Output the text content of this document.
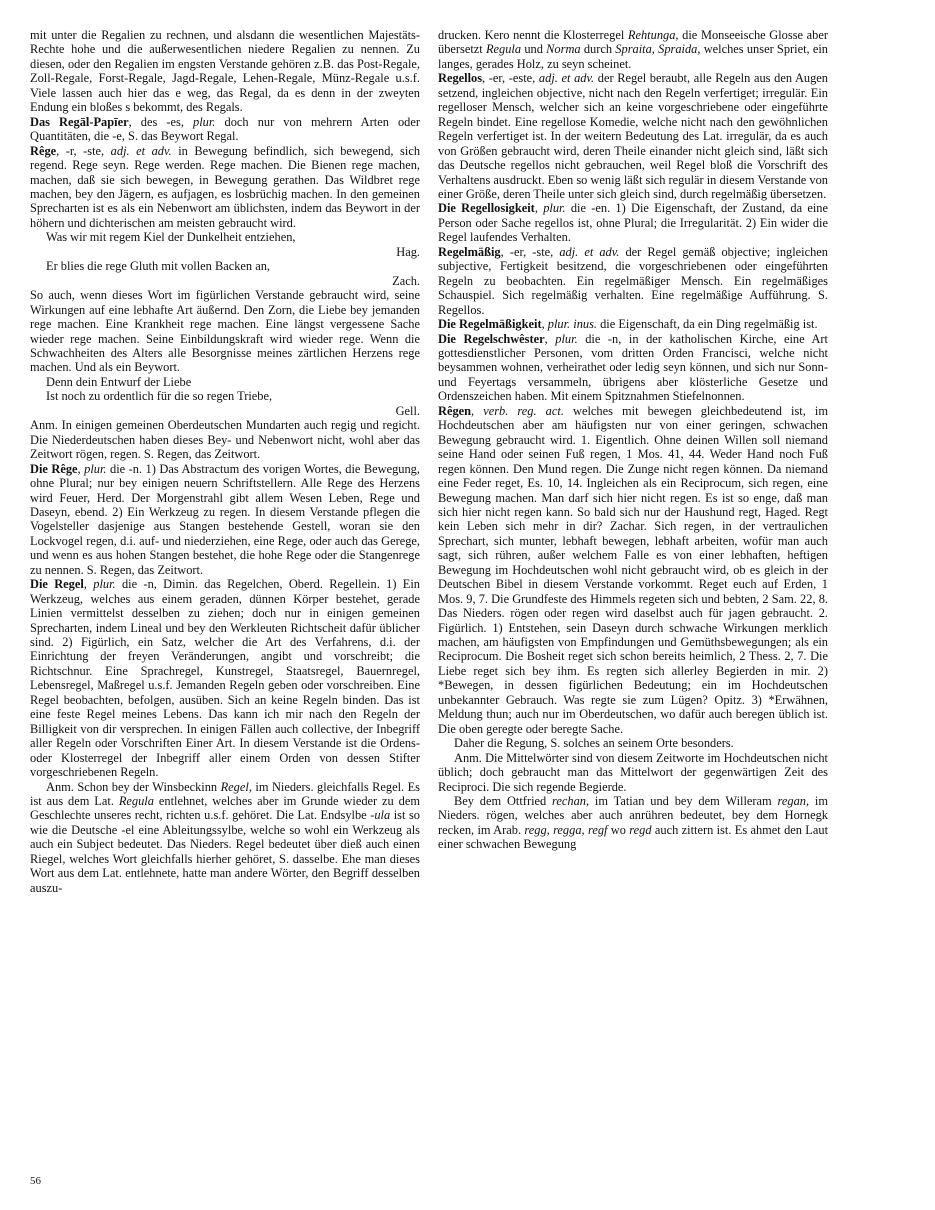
mit unter die Regalien zu rechnen, und alsdann die wesentlichen Majestäts-Rechte hohe und die außerwesentlichen niedere Regalien zu nennen. Zu diesen, oder den Regalien im engsten Verstande gehören z.B. das Post-Regale, Zoll-Regale, Forst-Regale, Jagd-Regale, Lehen-Regale, Münz-Regale u.s.f. Viele lassen auch hier das e weg, das Regal, da es denn in der zweyten Endung ein bloßes s bekommt, des Regals.

Das Regāl-Papīer, des -es, plur. doch nur von mehrern Arten oder Quantitäten, die -e, S. das Beywort Regal.

Rêge, -r, -ste, adj. et adv. in Bewegung befindlich, sich bewegend, sich regend. Rege seyn. Rege werden. Rege machen. Die Bienen rege machen, machen, daß sie sich bewegen, in Bewegung gerathen. Das Wildbret rege machen, bey den Jägern, es aufjagen, es losbrüchig machen. In den gemeinen Sprecharten ist es als ein Nebenwort am üblichsten, indem das Beywort in der höhern und dichterischen am meisten gebraucht wird.

Was wir mit regem Kiel der Dunkelheit entziehen,

Hag.

Er blies die rege Gluth mit vollen Backen an,

Zach.

So auch, wenn dieses Wort im figürlichen Verstande gebraucht wird, seine Wirkungen auf eine lebhafte Art äußernd. Den Zorn, die Liebe bey jemanden rege machen. Eine Krankheit rege machen. Eine längst vergessene Sache wieder rege machen. Seine Einbildungskraft wird wieder rege. Wenn die Schwachheiten des Alters alle Besorgnisse meines zärtlichen Herzens rege machen. Und als ein Beywort.

Denn dein Entwurf der Liebe

Ist noch zu ordentlich für die so regen Triebe,

Gell.

Anm. In einigen gemeinen Oberdeutschen Mundarten auch regig und regicht. Die Niederdeutschen haben dieses Bey- und Nebenwort nicht, wohl aber das Zeitwort rögen, regen. S. Regen, das Zeitwort.

Die Rêge, plur. die -n. 1) Das Abstractum des vorigen Wortes, die Bewegung, ohne Plural; nur bey einigen neuern Schriftstellern. Alle Rege des Herzens wird Feuer, Herd. Der Morgenstrahl gibt allem Wesen Leben, Rege und Daseyn, ebend. 2) Ein Werkzeug zu regen. In diesem Verstande pflegen die Vogelsteller dasjenige aus Stangen bestehende Gestell, woran sie den Lockvogel regen, d.i. auf- und niederziehen, eine Rege, oder auch das Gerege, und wenn es aus hohen Stangen bestehet, die hohe Rege oder die Stangenrege zu nennen. S. Regen, das Zeitwort.

Die Regel, plur. die -n, Dimin. das Regelchen, Oberd. Regellein. 1) Ein Werkzeug, welches aus einem geraden, dünnen Körper bestehet, gerade Linien vermittelst desselben zu ziehen; doch nur in einigen gemeinen Sprecharten, indem Lineal und bey den Werkleuten Richtscheit dafür üblicher sind. 2) Figürlich, ein Satz, welcher die Art des Verfahrens, d.i. der Einrichtung der freyen Veränderungen, angibt und vorschreibt; die Richtschnur. Eine Sprachregel, Kunstregel, Staatsregel, Bauernregel, Lebensregel, Maßregel u.s.f. Jemanden Regeln geben oder vorschreiben. Eine Regel beobachten, befolgen, ausüben. Sich an keine Regeln binden. Das ist eine feste Regel meines Lebens. Das kann ich mir nach den Regeln der Billigkeit von dir versprechen. In einigen Fällen auch collective, der Inbegriff aller Regeln oder Vorschriften Einer Art. In diesem Verstande ist die Ordens- oder Klosterregel der Inbegriff aller einem Orden von dessen Stifter vorgeschriebenen Regeln.

Anm. Schon bey der Winsbeckinn Regel, im Nieders. gleichfalls Regel. Es ist aus dem Lat. Regula entlehnet, welches aber im Grunde wieder zu dem Geschlechte unseres recht, richten u.s.f. gehöret. Die Lat. Endsylbe -ula ist so wie die Deutsche -el eine Ableitungssylbe, welche so wohl ein Werkzeug als auch ein Subject bedeutet. Das Nieders. Regel bedeutet über dieß auch einen Riegel, welches Wort gleichfalls hierher gehöret, S. dasselbe. Ehe man dieses Wort aus dem Lat. entlehnete, hatte man andere Wörter, den Begriff desselben auszu-

drucken. Kero nennt die Klosterregel Rehtunga, die Monseeische Glosse aber übersetzt Regula und Norma durch Spraita, Spraida, welches unser Spriet, ein langes, gerades Holz, zu seyn scheinet.

Regellos, -er, -este, adj. et adv. der Regel beraubt, alle Regeln aus den Augen setzend, ingleichen objective, nicht nach den Regeln verfertiget; irregulär. Ein regelloser Mensch, welcher sich an keine vorgeschriebene oder eingeführte Regeln bindet. Eine regellose Komedie, welche nicht nach den gewöhnlichen Regeln verfertiget ist. In der weitern Bedeutung des Lat. irregulär, da es auch von Größen gebraucht wird, deren Theile einander nicht gleich sind, läßt sich das Deutsche regellos nicht gebrauchen, weil Regel bloß die Vorschrift des Verhaltens ausdruckt. Eben so wenig läßt sich regulär in diesem Verstande von einer Größe, deren Theile unter sich gleich sind, durch regelmäßig übersetzen.

Die Regellosigkeit, plur. die -en. 1) Die Eigenschaft, der Zustand, da eine Person oder Sache regellos ist, ohne Plural; die Irregularität. 2) Ein wider die Regel laufendes Verhalten.

Regelmäßig, -er, -ste, adj. et adv. der Regel gemäß objective; ingleichen subjective, Fertigkeit besitzend, die vorgeschriebenen oder eingeführten Regeln zu beobachten. Ein regelmäßiger Mensch. Ein regelmäßiges Schauspiel. Sich regelmäßig verhalten. Eine regelmäßige Aufführung. S. Regellos.

Die Regelmäßigkeit, plur. inus. die Eigenschaft, da ein Ding regelmäßig ist.

Die Regelschwêster, plur. die -n, in der katholischen Kirche, eine Art gottesdienstlicher Personen, vom dritten Orden Francisci, welche nicht beysammen wohnen, verheirathet oder ledig seyn können, und sich nur Sonn- und Feyertags versammeln, übrigens aber klösterliche Gesetze und Ordenszeichen haben. Mit einem Spitznahmen Stiefelnonnen.

Rêgen, verb. reg. act. welches mit bewegen gleichbedeutend ist, im Hochdeutschen aber am häufigsten nur von einer geringen, schwachen Bewegung gebraucht wird. 1. Eigentlich. Ohne deinen Willen soll niemand seine Hand oder seinen Fuß regen, 1 Mos. 41, 44. Weder Hand noch Fuß regen können. Den Mund regen. Die Zunge nicht regen können. Da niemand eine Feder reget, Es. 10, 14. Ingleichen als ein Reciprocum, sich regen, eine Bewegung machen. Man darf sich hier nicht regen. Es ist so enge, daß man sich hier nicht regen kann. So bald sich nur der Haushund regt, Haged. Regt kein Leben sich mehr in dir? Zachar. Sich regen, in der vertraulichen Sprechart, sich munter, lebhaft bewegen, lebhaft arbeiten, wofür man auch sagt, sich rühren, außer welchem Falle es von einer lebhaften, heftigen Bewegung im Hochdeutschen wohl nicht gebraucht wird, ob es gleich in der Deutschen Bibel in diesem Verstande vorkommt. Reget euch auf Erden, 1 Mos. 9, 7. Die Grundfeste des Himmels regeten sich und bebten, 2 Sam. 22, 8. Das Nieders. rögen oder regen wird daselbst auch für jagen gebraucht. 2. Figürlich. 1) Entstehen, sein Daseyn durch schwache Wirkungen merklich machen, am häufigsten von Empfindungen und Gemüthsbewegungen; als ein Reciprocum. Die Bosheit reget sich schon bereits heimlich, 2 Thess. 2, 7. Die Liebe reget sich bey ihm. Es regten sich allerley Begierden in mir. 2) *Bewegen, in dessen figürlichen Bedeutung; ein im Hochdeutschen unbekannter Gebrauch. Was regte sie zum Lügen? Opitz. 3) *Erwähnen, Meldung thun; auch nur im Oberdeutschen, wo dafür auch beregen üblich ist. Die oben geregte oder beregte Sache.

Daher die Regung, S. solches an seinem Orte besonders.

Anm. Die Mittelwörter sind von diesem Zeitworte im Hochdeutschen nicht üblich; doch gebraucht man das Mittelwort der gegenwärtigen Zeit des Reciproci. Die sich regende Begierde.

Bey dem Ottfried rechan, im Tatian und bey dem Willeram regan, im Nieders. rögen, welches aber auch anrühren bedeutet, bey dem Hornegk recken, im Arab. regg, regga, regf wo regd auch zittern ist. Es ahmet den Laut einer schwachen Bewegung

56
